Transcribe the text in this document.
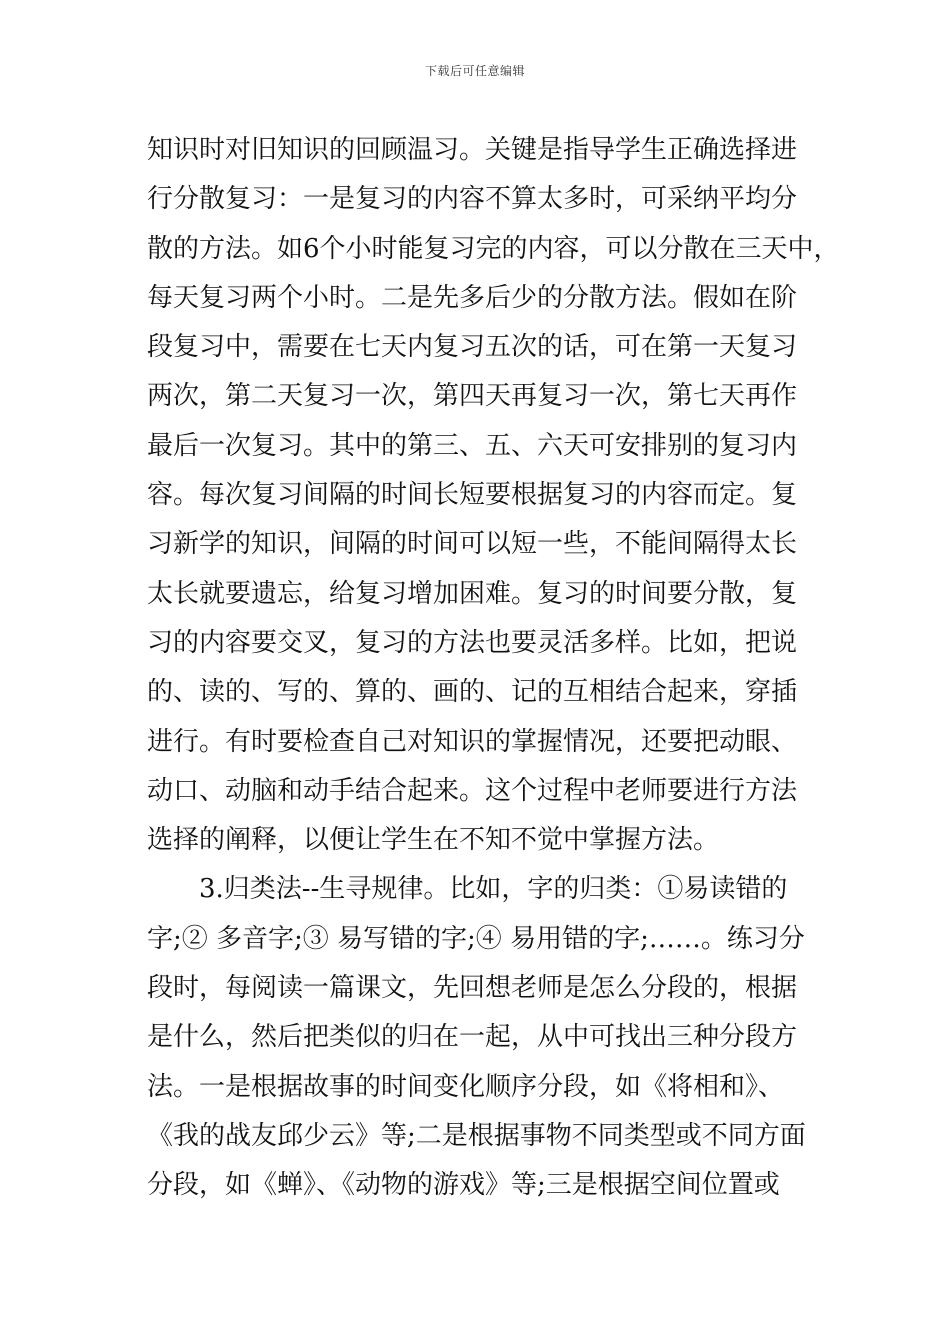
下载后可任意编辑
知识时对旧知识的回顾温习。关键是指导学生正确选择进
行分散复习：一是复习的内容不算太多时，可采纳平均分
散的方法。如6个小时能复习完的内容，可以分散在三天中，
每天复习两个小时。二是先多后少的分散方法。假如在阶
段复习中，需要在七天内复习五次的话，可在第一天复习
两次，第二天复习一次，第四天再复习一次，第七天再作
最后一次复习。其中的第三、五、六天可安排别的复习内
容。每次复习间隔的时间长短要根据复习的内容而定。复
习新学的知识，间隔的时间可以短一些，不能间隔得太长
太长就要遗忘，给复习增加困难。复习的时间要分散，复
习的内容要交叉，复习的方法也要灵活多样。比如，把说
的、读的、写的、算的、画的、记的互相结合起来，穿插
进行。有时要检查自己对知识的掌握情况，还要把动眼、
动口、动脑和动手结合起来。这个过程中老师要进行方法
选择的阐释，以便让学生在不知不觉中掌握方法。
3.归类法--生寻规律。比如，字的归类：①易读错的
字;② 多音字;③ 易写错的字;④ 易用错的字;……。练习分
段时，每阅读一篇课文，先回想老师是怎么分段的，根据
是什么，然后把类似的归在一起，从中可找出三种分段方
法。一是根据故事的时间变化顺序分段，如《将相和》、
《我的战友邱少云》等;二是根据事物不同类型或不同方面
分段，如《蝉》、《动物的游戏》等;三是根据空间位置或
